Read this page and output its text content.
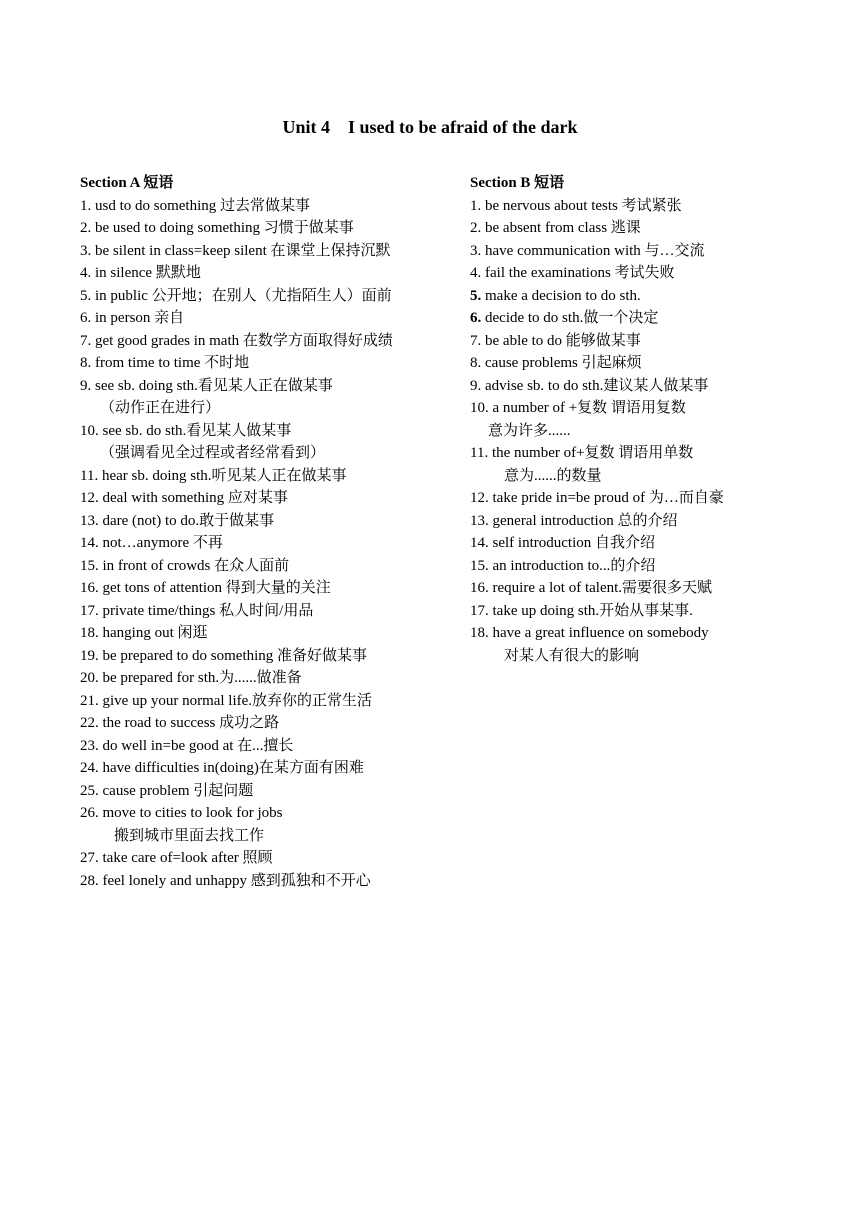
Unit 4    I used to be afraid of the dark
Section A 短语
1. usd to do something 过去常做某事
2. be used to doing something 习惯于做某事
3. be silent in class=keep silent 在课堂上保持沉默
4. in silence 默默地
5. in public 公开地；在别人（尤指陌生人）面前
6. in person 亲自
7. get good grades in math 在数学方面取得好成绩
8. from time to time 不时地
9. see sb. doing sth.看见某人正在做某事
（动作正在进行）
10. see sb. do sth.看见某人做某事
（强调看见全过程或者经常看到）
11. hear sb. doing sth.听见某人正在做某事
12. deal with something 应对某事
13. dare (not) to do.敢于做某事
14. not…anymore 不再
15. in front of crowds 在众人面前
16. get tons of attention 得到大量的关注
17. private time/things 私人时间/用品
18. hanging out 闲逛
19. be prepared to do something 准备好做某事
20. be prepared for sth.为......做准备
21. give up your normal life.放弃你的正常生活
22. the road to success 成功之路
23. do well in=be good at 在...擅长
24. have difficulties in(doing)在某方面有困难
25. cause problem 引起问题
26. move to cities to look for jobs
搬到城市里面去找工作
27. take care of=look after 照顾
28. feel lonely and unhappy 感到孤独和不开心
Section B 短语
1. be nervous about tests 考试紧张
2. be absent from class 逃课
3. have communication with 与…交流
4. fail the examinations 考试失败
5. make a decision to do sth.
6. decide to do sth.做一个决定
7. be able to do 能够做某事
8. cause problems 引起麻烦
9. advise sb. to do sth.建议某人做某事
10. a number of +复数 谓语用复数
意为许多......
11. the number of+复数 谓语用单数
意为......的数量
12. take pride in=be proud of 为…而自豪
13. general introduction 总的介绍
14. self introduction 自我介绍
15. an introduction to...的介绍
16. require a lot of talent.需要很多天赋
17. take up doing sth.开始从事某事.
18. have a great influence on somebody
对某人有很大的影响
